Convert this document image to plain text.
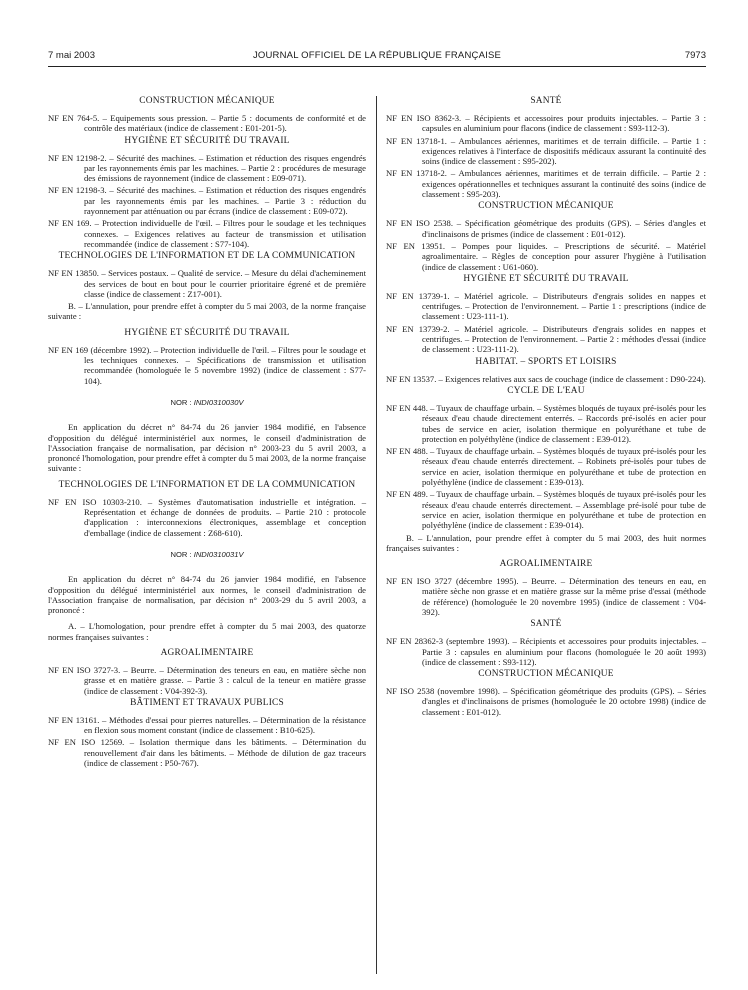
7 mai 2003	JOURNAL OFFICIEL DE LA RÉPUBLIQUE FRANÇAISE	7973
CONSTRUCTION MÉCANIQUE
NF EN 764-5. – Equipements sous pression. – Partie 5 : documents de conformité et de contrôle des matériaux (indice de classement : E01-201-5).
HYGIÈNE ET SÉCURITÉ DU TRAVAIL
NF EN 12198-2. – Sécurité des machines. – Estimation et réduction des risques engendrés par les rayonnements émis par les machines. – Partie 2 : procédures de mesurage des émissions de rayonnement (indice de classement : E09-071).
NF EN 12198-3. – Sécurité des machines. – Estimation et réduction des risques engendrés par les rayonnements émis par les machines. – Partie 3 : réduction du rayonnement par atténuation ou par écrans (indice de classement : E09-072).
NF EN 169. – Protection individuelle de l'œil. – Filtres pour le soudage et les techniques connexes. – Exigences relatives au facteur de transmission et utilisation recommandée (indice de classement : S77-104).
TECHNOLOGIES DE L'INFORMATION ET DE LA COMMUNICATION
NF EN 13850. – Services postaux. – Qualité de service. – Mesure du délai d'acheminement des services de bout en bout pour le courrier prioritaire égrené et de première classe (indice de classement : Z17-001).
B. – L'annulation, pour prendre effet à compter du 5 mai 2003, de la norme française suivante :
HYGIÈNE ET SÉCURITÉ DU TRAVAIL
NF EN 169 (décembre 1992). – Protection individuelle de l'œil. – Filtres pour le soudage et les techniques connexes. – Spécifications de transmission et utilisation recommandée (homologuée le 5 novembre 1992) (indice de classement : S77-104).
NOR : INDI0310030V
En application du décret n° 84-74 du 26 janvier 1984 modifié, en l'absence d'opposition du délégué interministériel aux normes, le conseil d'administration de l'Association française de normalisation, par décision n° 2003-23 du 5 avril 2003, a prononcé l'homologation, pour prendre effet à compter du 5 mai 2003, de la norme française suivante :
TECHNOLOGIES DE L'INFORMATION ET DE LA COMMUNICATION
NF EN ISO 10303-210. – Systèmes d'automatisation industrielle et intégration. – Représentation et échange de données de produits. – Partie 210 : protocole d'application : interconnexions électroniques, assemblage et conception d'emballage (indice de classement : Z68-610).
NOR : INDI0310031V
En application du décret n° 84-74 du 26 janvier 1984 modifié, en l'absence d'opposition du délégué interministériel aux normes, le conseil d'administration de l'Association française de normalisation, par décision n° 2003-29 du 5 avril 2003, a prononcé :
A. – L'homologation, pour prendre effet à compter du 5 mai 2003, des quatorze normes françaises suivantes :
AGROALIMENTAIRE
NF EN ISO 3727-3. – Beurre. – Détermination des teneurs en eau, en matière sèche non grasse et en matière grasse. – Partie 3 : calcul de la teneur en matière grasse (indice de classement : V04-392-3).
BÂTIMENT ET TRAVAUX PUBLICS
NF EN 13161. – Méthodes d'essai pour pierres naturelles. – Détermination de la résistance en flexion sous moment constant (indice de classement : B10-625).
NF EN ISO 12569. – Isolation thermique dans les bâtiments. – Détermination du renouvellement d'air dans les bâtiments. – Méthode de dilution de gaz traceurs (indice de classement : P50-767).
SANTÉ
NF EN ISO 8362-3. – Récipients et accessoires pour produits injectables. – Partie 3 : capsules en aluminium pour flacons (indice de classement : S93-112-3).
NF EN 13718-1. – Ambulances aériennes, maritimes et de terrain difficile. – Partie 1 : exigences relatives à l'interface de dispositifs médicaux assurant la continuité des soins (indice de classement : S95-202).
NF EN 13718-2. – Ambulances aériennes, maritimes et de terrain difficile. – Partie 2 : exigences opérationnelles et techniques assurant la continuité des soins (indice de classement : S95-203).
CONSTRUCTION MÉCANIQUE
NF EN ISO 2538. – Spécification géométrique des produits (GPS). – Séries d'angles et d'inclinaisons de prismes (indice de classement : E01-012).
NF EN 13951. – Pompes pour liquides. – Prescriptions de sécurité. – Matériel agroalimentaire. – Règles de conception pour assurer l'hygiène à l'utilisation (indice de classement : U61-060).
HYGIÈNE ET SÉCURITÉ DU TRAVAIL
NF EN 13739-1. – Matériel agricole. – Distributeurs d'engrais solides en nappes et centrifuges. – Protection de l'environnement. – Partie 1 : prescriptions (indice de classement : U23-111-1).
NF EN 13739-2. – Matériel agricole. – Distributeurs d'engrais solides en nappes et centrifuges. – Protection de l'environnement. – Partie 2 : méthodes d'essai (indice de classement : U23-111-2).
HABITAT. – SPORTS ET LOISIRS
NF EN 13537. – Exigences relatives aux sacs de couchage (indice de classement : D90-224).
CYCLE DE L'EAU
NF EN 448. – Tuyaux de chauffage urbain. – Systèmes bloqués de tuyaux pré-isolés pour les réseaux d'eau chaude directement enterrés. – Raccords pré-isolés en acier pour tubes de service en acier, isolation thermique en polyuréthane et tube de protection en polyéthylène (indice de classement : E39-012).
NF EN 488. – Tuyaux de chauffage urbain. – Systèmes bloqués de tuyaux pré-isolés pour les réseaux d'eau chaude enterrés directement. – Robinets pré-isolés pour tubes de service en acier, isolation thermique en polyuréthane et tube de protection en polyéthylène (indice de classement : E39-013).
NF EN 489. – Tuyaux de chauffage urbain. – Systèmes bloqués de tuyaux pré-isolés pour les réseaux d'eau chaude enterrés directement. – Assemblage pré-isolé pour tube de service en acier, isolation thermique en polyuréthane et tube de protection en polyéthylène (indice de classement : E39-014).
B. – L'annulation, pour prendre effet à compter du 5 mai 2003, des huit normes françaises suivantes :
AGROALIMENTAIRE
NF EN ISO 3727 (décembre 1995). – Beurre. – Détermination des teneurs en eau, en matière sèche non grasse et en matière grasse sur la même prise d'essai (méthode de référence) (homologuée le 20 novembre 1995) (indice de classement : V04-392).
SANTÉ
NF EN 28362-3 (septembre 1993). – Récipients et accessoires pour produits injectables. – Partie 3 : capsules en aluminium pour flacons (homologuée le 20 août 1993) (indice de classement : S93-112).
CONSTRUCTION MÉCANIQUE
NF ISO 2538 (novembre 1998). – Spécification géométrique des produits (GPS). – Séries d'angles et d'inclinaisons de prismes (homologuée le 20 octobre 1998) (indice de classement : E01-012).
